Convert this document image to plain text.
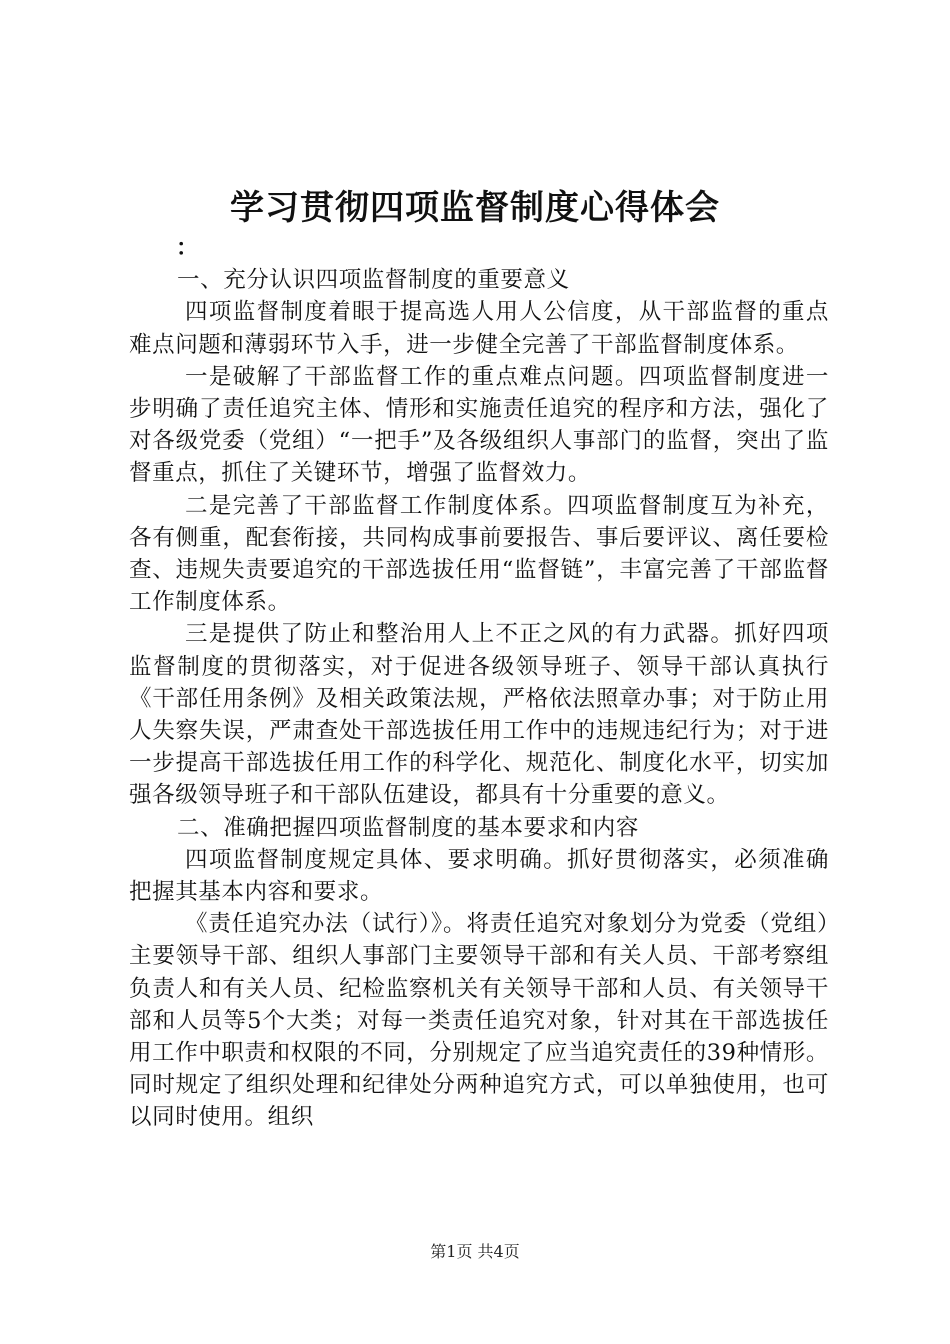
学习贯彻四项监督制度心得体会

：

一、充分认识四项监督制度的重要意义

四项监督制度着眼于提高选人用人公信度，从干部监督的重点难点问题和薄弱环节入手，进一步健全完善了干部监督制度体系。

一是破解了干部监督工作的重点难点问题。四项监督制度进一步明确了责任追究主体、情形和实施责任追究的程序和方法，强化了对各级党委（党组）“一把手”及各级组织人事部门的监督，突出了监督重点，抓住了关键环节，增强了监督效力。

二是完善了干部监督工作制度体系。四项监督制度互为补充，各有侧重，配套衔接，共同构成事前要报告、事后要评议、离任要检查、违规失责要追究的干部选拔任用“监督链”，丰富完善了干部监督工作制度体系。

三是提供了防止和整治用人上不正之风的有力武器。抓好四项监督制度的贯彻落实，对于促进各级领导班子、领导干部认真执行《干部任用条例》及相关政策法规，严格依法照章办事；对于防止用人失察失误，严肃查处干部选拔任用工作中的违规违纪行为；对于进一步提高干部选拔任用工作的科学化、规范化、制度化水平，切实加强各级领导班子和干部队伍建设，都具有十分重要的意义。

二、准确把握四项监督制度的基本要求和内容

四项监督制度规定具体、要求明确。抓好贯彻落实，必须准确把握其基本内容和要求。

《责任追究办法（试行）》。将责任追究对象划分为党委（党组）主要领导干部、组织人事部门主要领导干部和有关人员、干部考察组负责人和有关人员、纪检监察机关有关领导干部和人员、有关领导干部和人员等5个大类；对每一类责任追究对象，针对其在干部选拔任用工作中职责和权限的不同，分别规定了应当追究责任的39种情形。同时规定了组织处理和纪律处分两种追究方式，可以单独使用，也可以同时使用。组织

第1页 共4页
